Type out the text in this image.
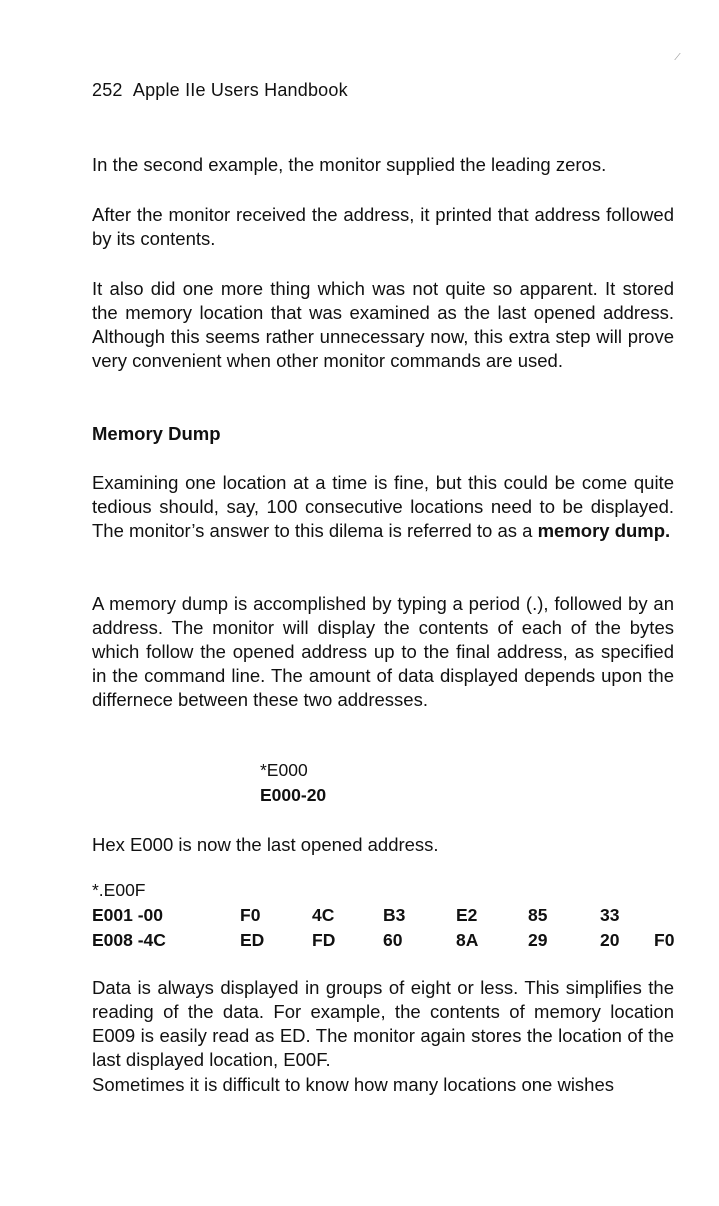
⁄
252 Apple IIe Users Handbook
In the second example, the monitor supplied the leading zeros.
After the monitor received the address, it printed that address followed by its contents.
It also did one more thing which was not quite so apparent. It stored the memory location that was examined as the last opened address. Although this seems rather unnecessary now, this extra step will prove very convenient when other monitor commands are used.
Memory Dump
Examining one location at a time is fine, but this could be come quite tedious should, say, 100 consecutive locations need to be displayed. The monitor’s answer to this dilema is referred to as a memory dump.
A memory dump is accomplished by typing a period (.), followed by an address. The monitor will display the contents of each of the bytes which follow the opened address up to the final address, as specified in the command line. The amount of data displayed depends upon the differnece between these two addresses.
*E000
E000-20
Hex E000 is now the last opened address.
*.E00F
E001 -00	F0	4C	B3	E2	85	33
E008 -4C	ED	FD	60	8A	29	20 F0
Data is always displayed in groups of eight or less. This simplifies the reading of the data. For example, the contents of memory location E009 is easily read as ED. The monitor again stores the location of the last displayed location, E00F.
Sometimes it is difficult to know how many locations one wishes
